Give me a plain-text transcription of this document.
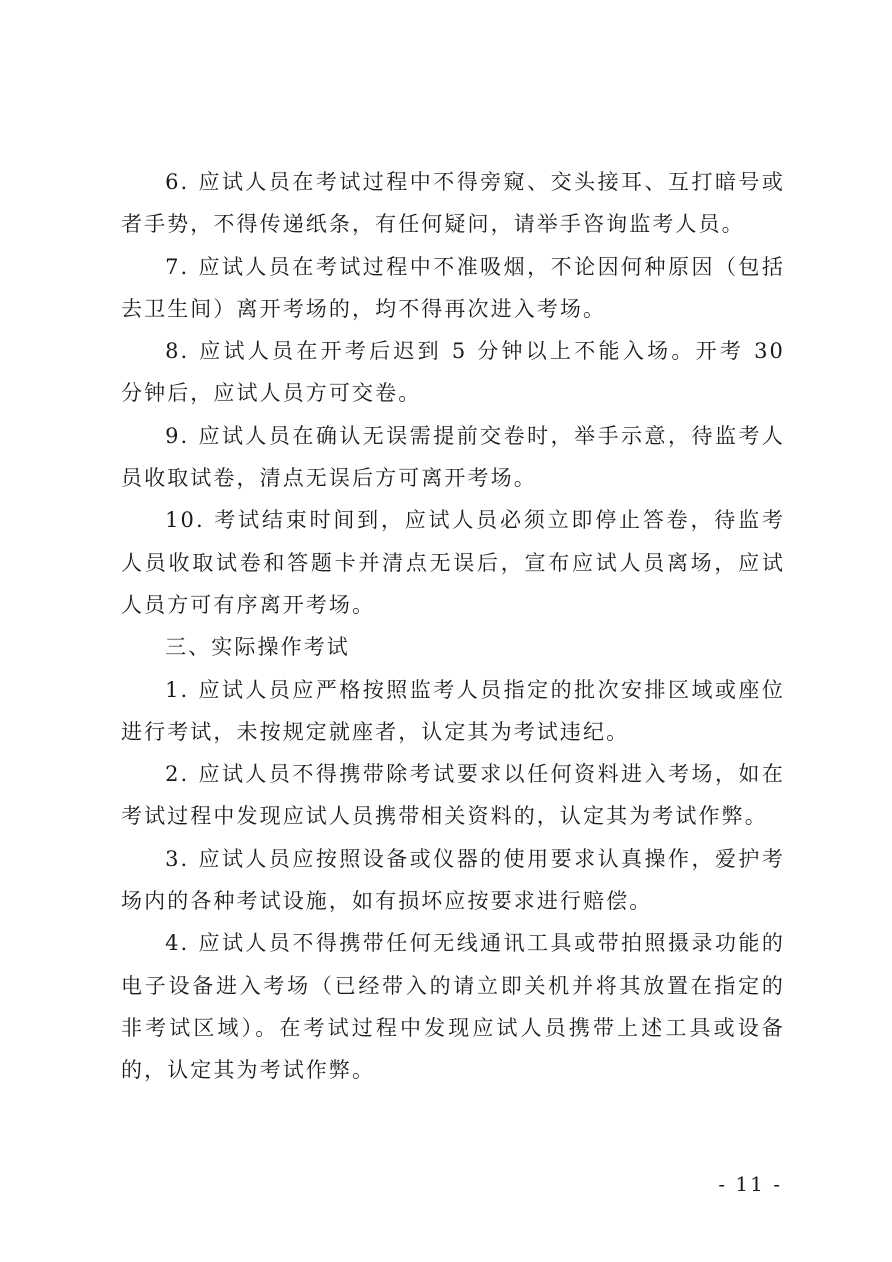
6. 应试人员在考试过程中不得旁窥、交头接耳、互打暗号或者手势，不得传递纸条，有任何疑问，请举手咨询监考人员。

7. 应试人员在考试过程中不准吸烟，不论因何种原因（包括去卫生间）离开考场的，均不得再次进入考场。

8. 应试人员在开考后迟到 5 分钟以上不能入场。开考 30 分钟后，应试人员方可交卷。

9. 应试人员在确认无误需提前交卷时，举手示意，待监考人员收取试卷，清点无误后方可离开考场。

10. 考试结束时间到，应试人员必须立即停止答卷，待监考人员收取试卷和答题卡并清点无误后，宣布应试人员离场，应试人员方可有序离开考场。

三、实际操作考试

1. 应试人员应严格按照监考人员指定的批次安排区域或座位进行考试，未按规定就座者，认定其为考试违纪。

2. 应试人员不得携带除考试要求以任何资料进入考场，如在考试过程中发现应试人员携带相关资料的，认定其为考试作弊。

3. 应试人员应按照设备或仪器的使用要求认真操作，爱护考场内的各种考试设施，如有损坏应按要求进行赔偿。

4. 应试人员不得携带任何无线通讯工具或带拍照摄录功能的电子设备进入考场（已经带入的请立即关机并将其放置在指定的非考试区域）。在考试过程中发现应试人员携带上述工具或设备的，认定其为考试作弊。

- 11 -
